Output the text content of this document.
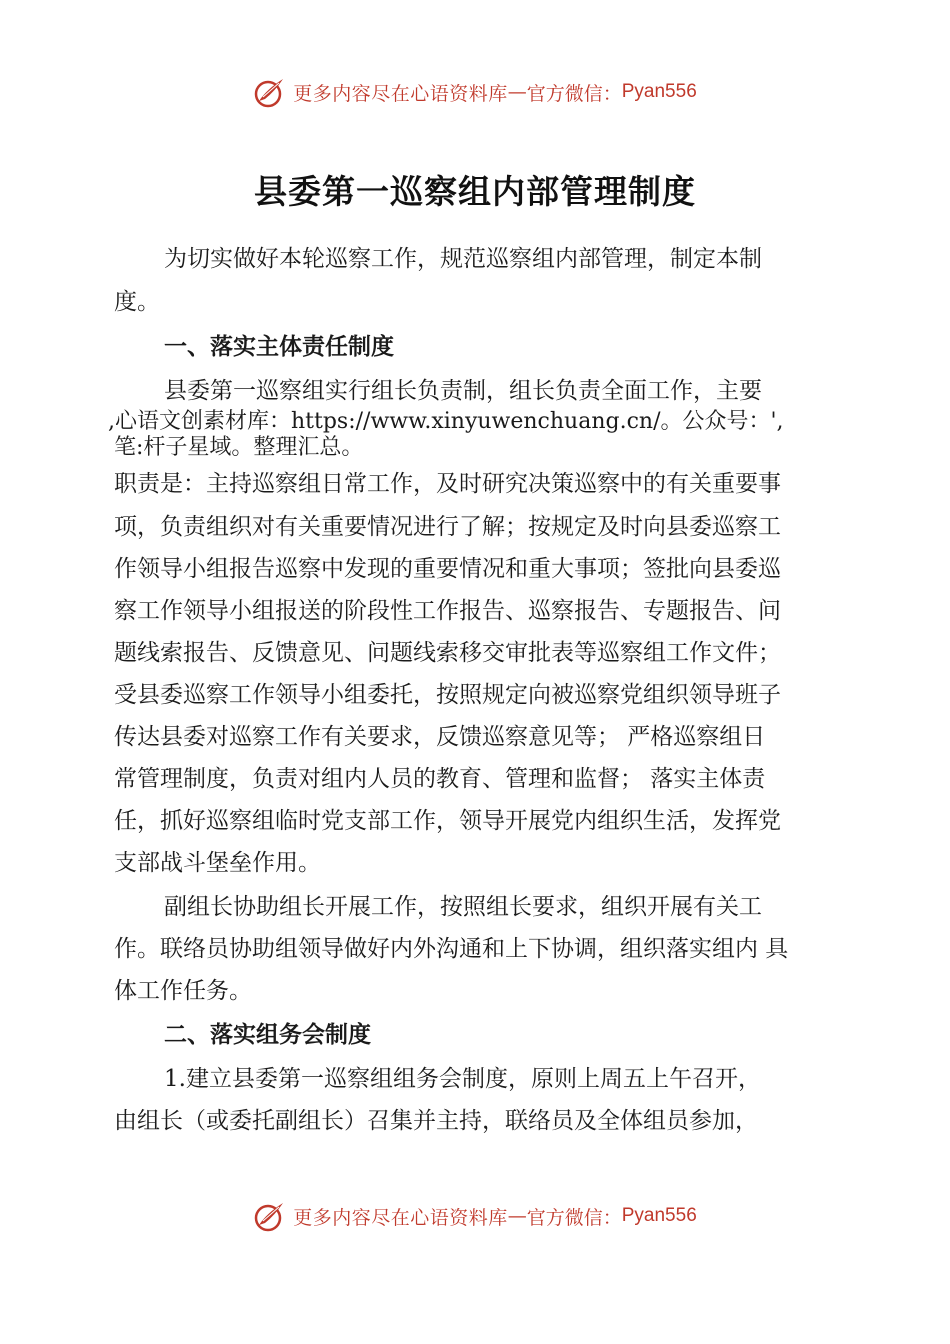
更多内容尽在心语资料库 — 官方微信： Pyan556
县委第一巡察组内部管理制度
为切实做好本轮巡察工作，规范巡察组内部管理，制定本制
度。
一、落实主体责任制度
县委第一巡察组实行组长负责制，组长负责全面工作，主要
,心语文创素材库：https://www.xinyuwenchuang.cn/。公众号：',
笔:杆子星域。整理汇总。
职责是：主持巡察组日常工作，及时研究决策巡察中的有关重要事
项，负责组织对有关重要情况进行了解；按规定及时向县委巡察工
作领导小组报告巡察中发现的重要情况和重大事项；签批向县委巡
察工作领导小组报送的阶段性工作报告、巡察报告、专题报告、问
题线索报告、反馈意见、问题线索移交审批表等巡察组工作文件；
受县委巡察工作领导小组委托，按照规定向被巡察党组织领导班子
传达县委对巡察工作有关要求，反馈巡察意见等； 严格巡察组日
常管理制度，负责对组内人员的教育、管理和监督； 落实主体责
任，抓好巡察组临时党支部工作，领导开展党内组织生活，发挥党
支部战斗堡垒作用。
副组长协助组长开展工作，按照组长要求，组织开展有关工
作。联络员协助组领导做好内外沟通和上下协调，组织落实组内 具
体工作任务。
二、落实组务会制度
1.建立县委第一巡察组组务会制度，原则上周五上午召开，
由组长（或委托副组长）召集并主持，联络员及全体组员参加，
更多内容尽在心语资料库 — 官方微信： Pyan556
